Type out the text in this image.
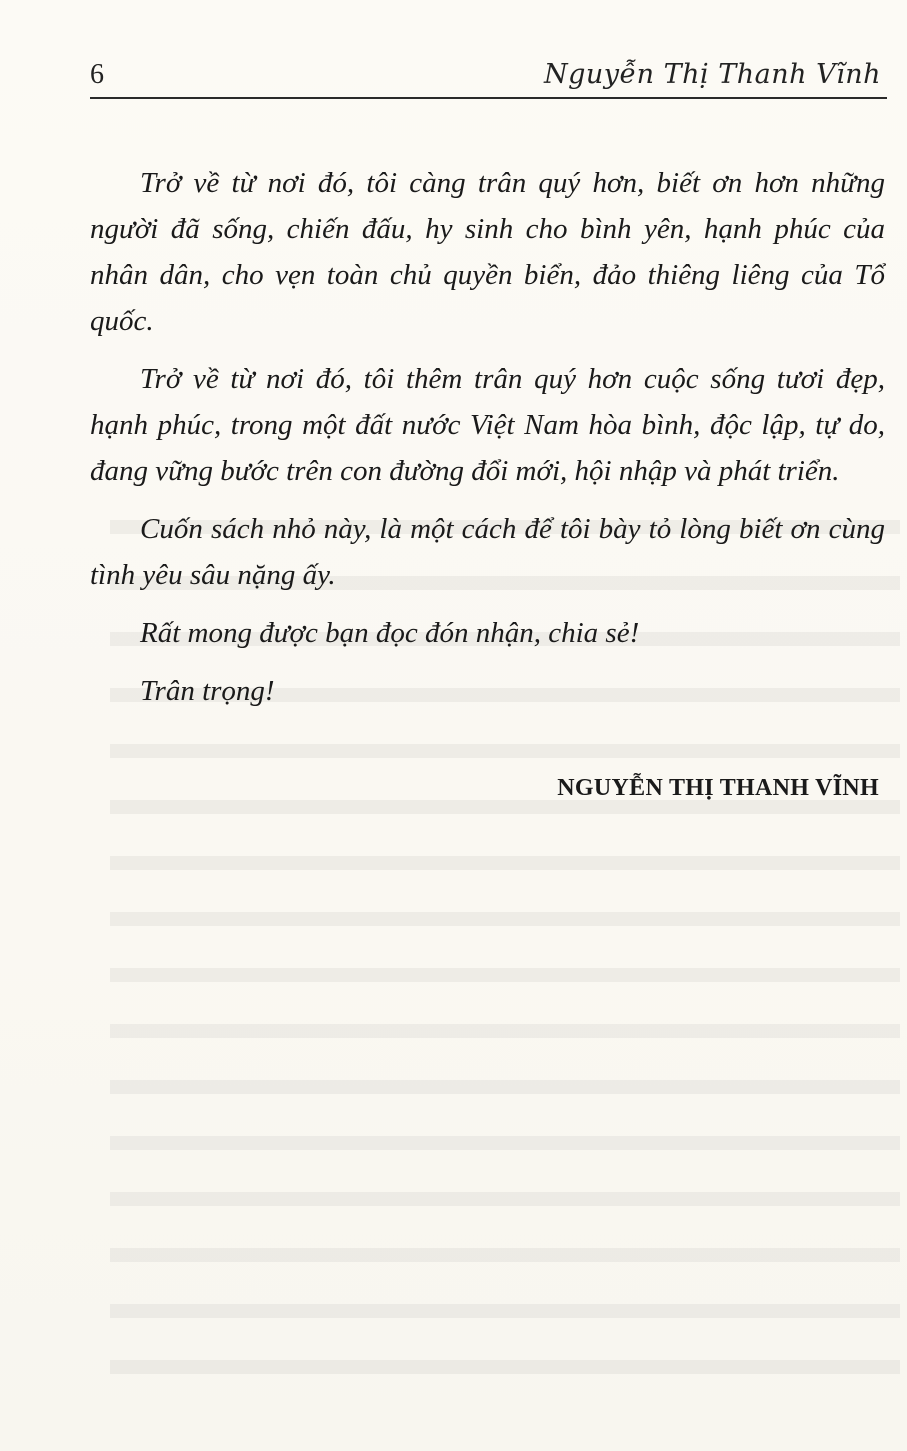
6	Nguyễn Thị Thanh Vĩnh

Trở về từ nơi đó, tôi càng trân quý hơn, biết ơn hơn những người đã sống, chiến đấu, hy sinh cho bình yên, hạnh phúc của nhân dân, cho vẹn toàn chủ quyền biển, đảo thiêng liêng của Tổ quốc.

Trở về từ nơi đó, tôi thêm trân quý hơn cuộc sống tươi đẹp, hạnh phúc, trong một đất nước Việt Nam hòa bình, độc lập, tự do, đang vững bước trên con đường đổi mới, hội nhập và phát triển.

Cuốn sách nhỏ này, là một cách để tôi bày tỏ lòng biết ơn cùng tình yêu sâu nặng ấy.

Rất mong được bạn đọc đón nhận, chia sẻ!

Trân trọng!

NGUYỄN THỊ THANH VĨNH
